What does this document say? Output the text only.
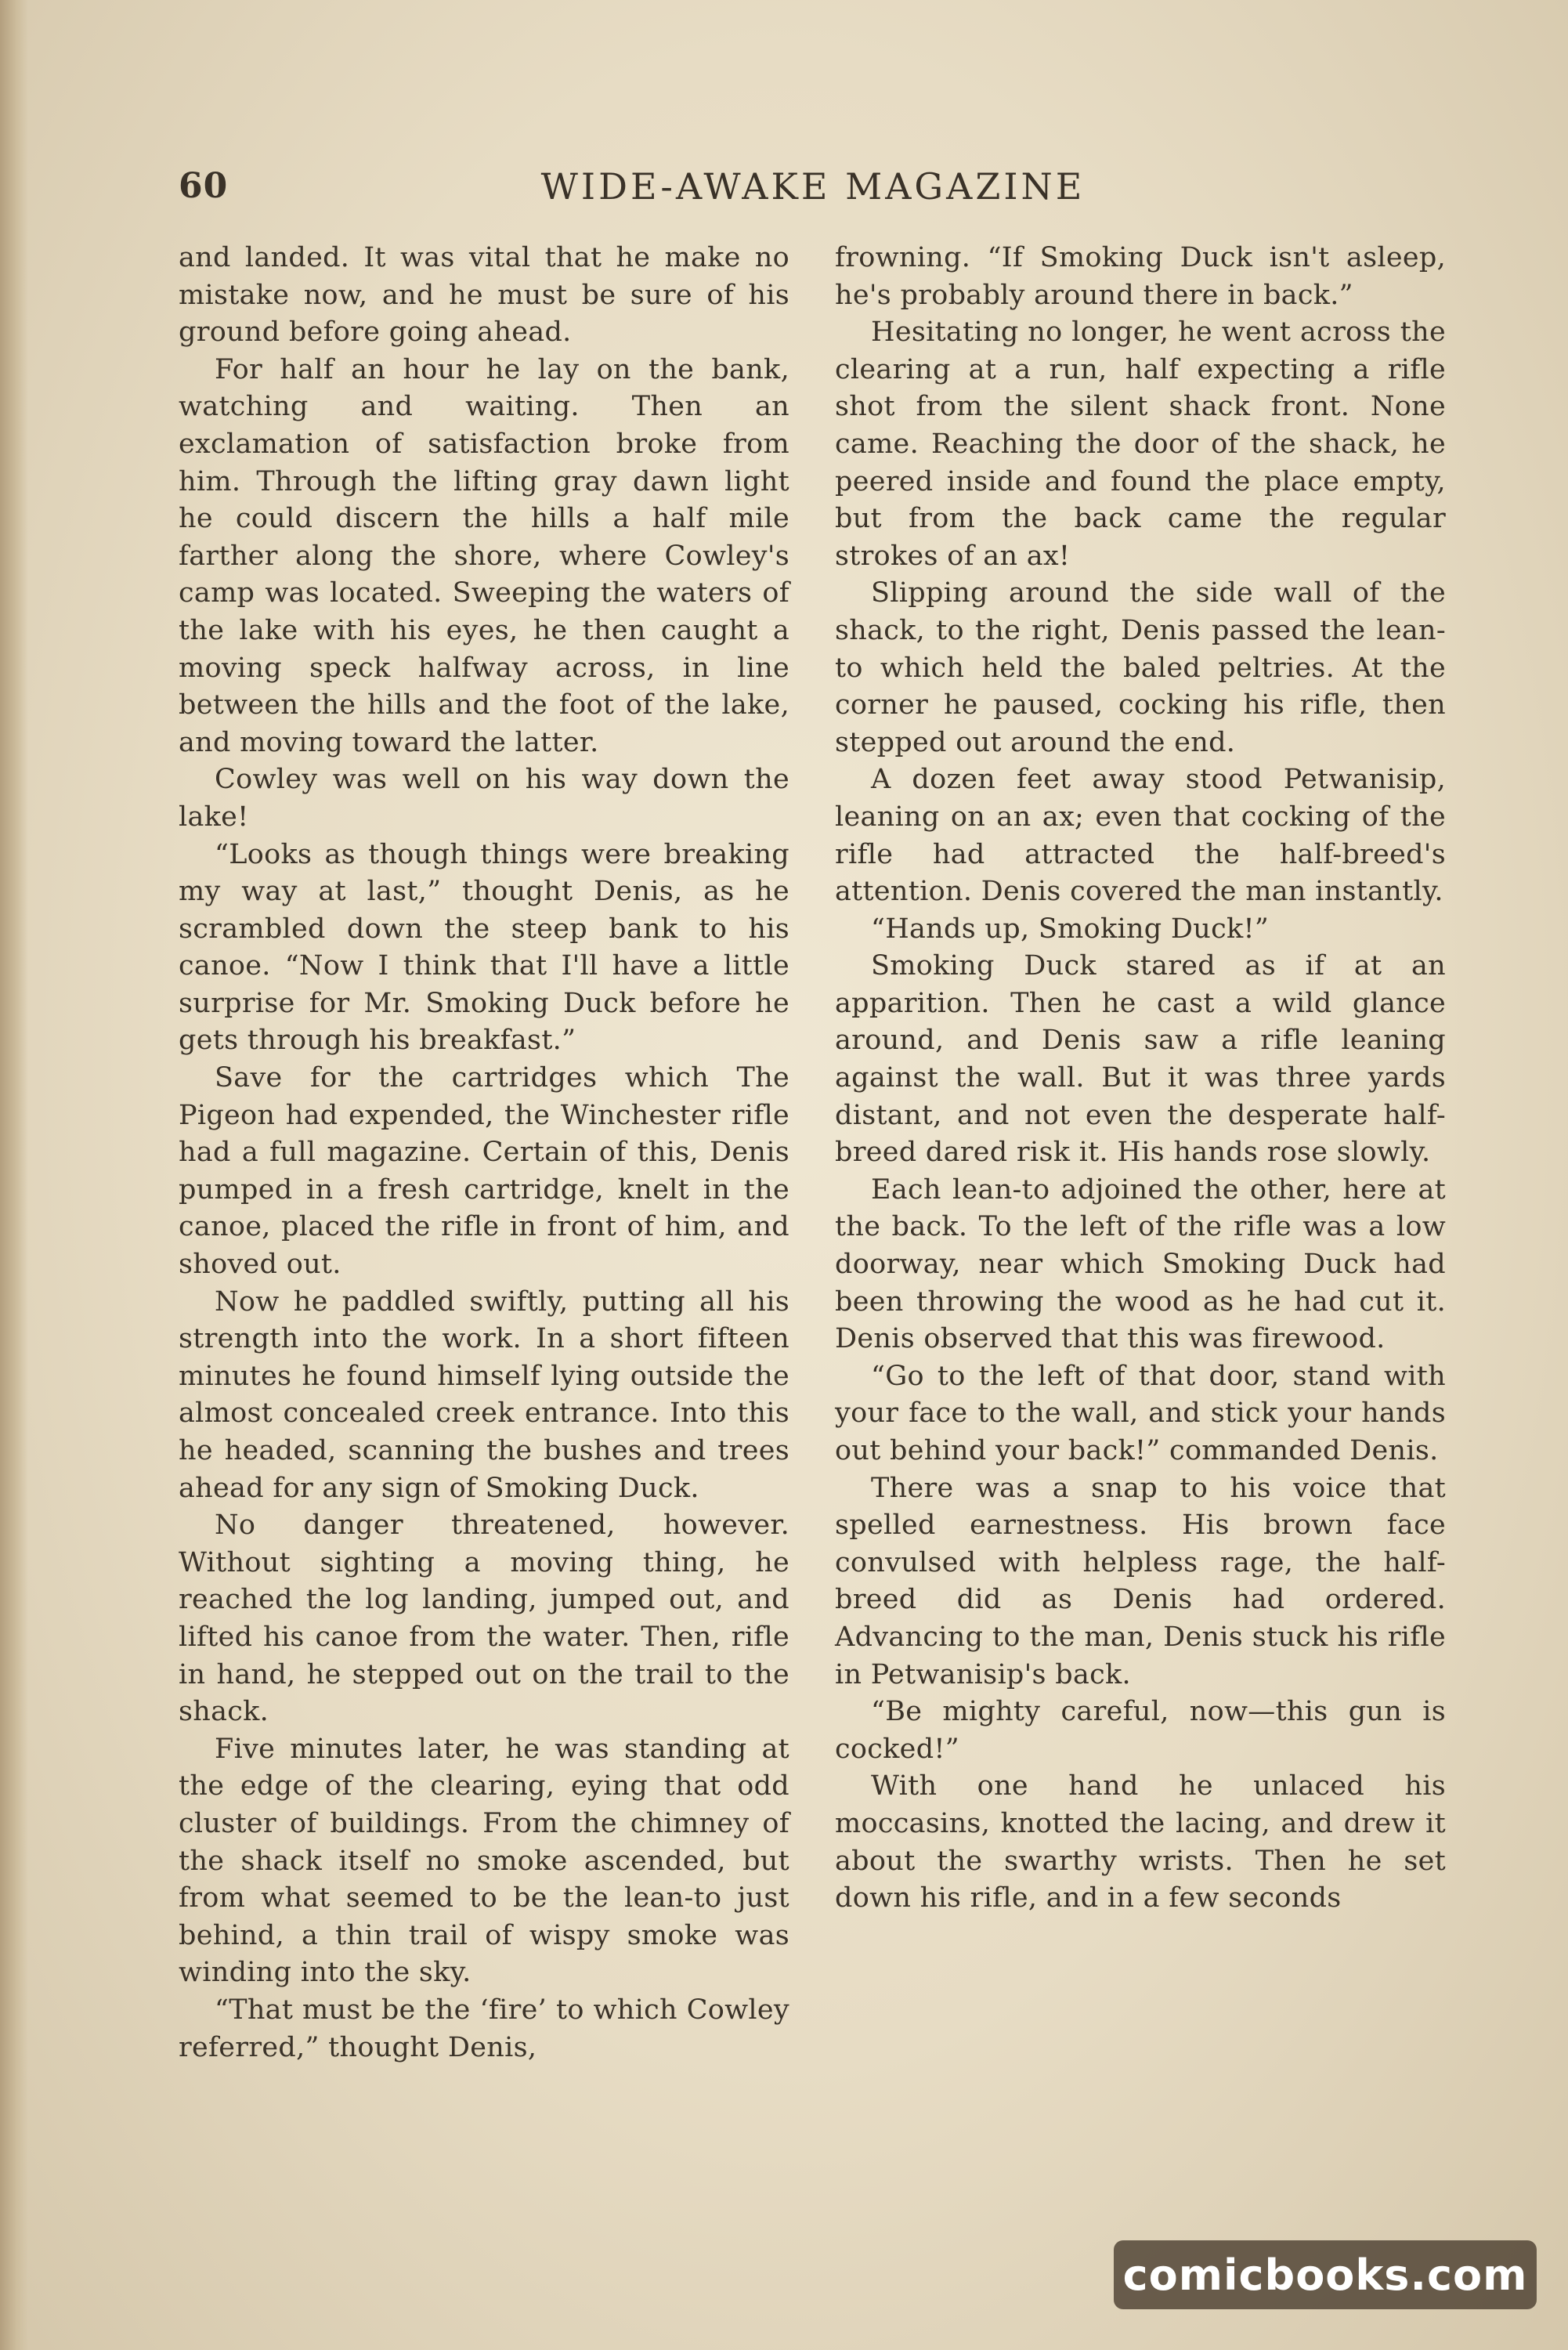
WIDE-AWAKE MAGAZINE
60

and landed. It was vital that he make no mistake now, and he must be sure of his ground before going ahead.

For half an hour he lay on the bank, watching and waiting. Then an exclamation of satisfaction broke from him. Through the lifting gray dawn light he could discern the hills a half mile farther along the shore, where Cowley's camp was located. Sweeping the waters of the lake with his eyes, he then caught a moving speck halfway across, in line between the hills and the foot of the lake, and moving toward the latter.

Cowley was well on his way down the lake!

“Looks as though things were breaking my way at last,” thought Denis, as he scrambled down the steep bank to his canoe. “Now I think that I'll have a little surprise for Mr. Smoking Duck before he gets through his breakfast.”

Save for the cartridges which The Pigeon had expended, the Winchester rifle had a full magazine. Certain of this, Denis pumped in a fresh cartridge, knelt in the canoe, placed the rifle in front of him, and shoved out.

Now he paddled swiftly, putting all his strength into the work. In a short fifteen minutes he found himself lying outside the almost concealed creek entrance. Into this he headed, scanning the bushes and trees ahead for any sign of Smoking Duck.

No danger threatened, however. Without sighting a moving thing, he reached the log landing, jumped out, and lifted his canoe from the water. Then, rifle in hand, he stepped out on the trail to the shack.

Five minutes later, he was standing at the edge of the clearing, eying that odd cluster of buildings. From the chimney of the shack itself no smoke ascended, but from what seemed to be the lean-to just behind, a thin trail of wispy smoke was winding into the sky.

“That must be the ‘fire’ to which Cowley referred,” thought Denis,

frowning. “If Smoking Duck isn't asleep, he's probably around there in back.”

Hesitating no longer, he went across the clearing at a run, half expecting a rifle shot from the silent shack front. None came. Reaching the door of the shack, he peered inside and found the place empty, but from the back came the regular strokes of an ax!

Slipping around the side wall of the shack, to the right, Denis passed the lean-to which held the baled peltries. At the corner he paused, cocking his rifle, then stepped out around the end.

A dozen feet away stood Petwanisip, leaning on an ax; even that cocking of the rifle had attracted the half-breed's attention. Denis covered the man instantly.

“Hands up, Smoking Duck!”

Smoking Duck stared as if at an apparition. Then he cast a wild glance around, and Denis saw a rifle leaning against the wall. But it was three yards distant, and not even the desperate half-breed dared risk it. His hands rose slowly.

Each lean-to adjoined the other, here at the back. To the left of the rifle was a low doorway, near which Smoking Duck had been throwing the wood as he had cut it. Denis observed that this was firewood.

“Go to the left of that door, stand with your face to the wall, and stick your hands out behind your back!” commanded Denis.

There was a snap to his voice that spelled earnestness. His brown face convulsed with helpless rage, the half-breed did as Denis had ordered. Advancing to the man, Denis stuck his rifle in Petwanisip's back.

“Be mighty careful, now—this gun is cocked!”

With one hand he unlaced his moccasins, knotted the lacing, and drew it about the swarthy wrists. Then he set down his rifle, and in a few seconds

comicbooks.com
